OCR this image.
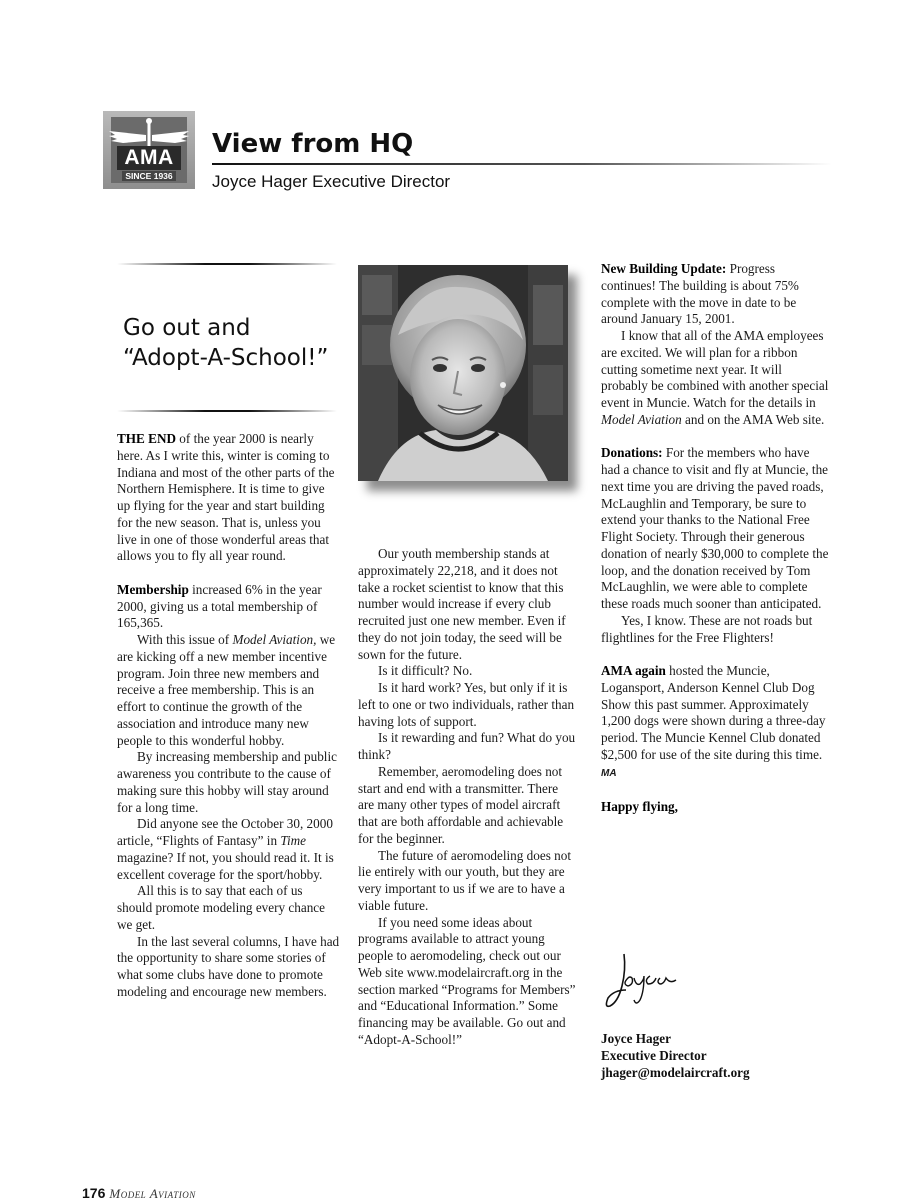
AMA
SINCE 1936
View from HQ
Joyce Hager Executive Director
Go out and
“Adopt-A-School!”

THE END of the year 2000 is nearly here. As I write this, winter is coming to Indiana and most of the other parts of the Northern Hemisphere. It is time to give up flying for the year and start building for the new season. That is, unless you live in one of those wonderful areas that allows you to fly all year round.

Membership increased 6% in the year 2000, giving us a total membership of 165,365.

With this issue of Model Aviation, we are kicking off a new member incentive program. Join three new members and receive a free membership. This is an effort to continue the growth of the association and introduce many new people to this wonderful hobby.

By increasing membership and public awareness you contribute to the cause of making sure this hobby will stay around for a long time.

Did anyone see the October 30, 2000 article, “Flights of Fantasy” in Time magazine? If not, you should read it. It is excellent coverage for the sport/hobby.

All this is to say that each of us should promote modeling every chance we get.

In the last several columns, I have had the opportunity to share some stories of what some clubs have done to promote modeling and encourage new members.

Our youth membership stands at approximately 22,218, and it does not take a rocket scientist to know that this number would increase if every club recruited just one new member. Even if they do not join today, the seed will be sown for the future.

Is it difficult? No.

Is it hard work? Yes, but only if it is left to one or two individuals, rather than having lots of support.

Is it rewarding and fun? What do you think?

Remember, aeromodeling does not start and end with a transmitter. There are many other types of model aircraft that are both affordable and achievable for the beginner.

The future of aeromodeling does not lie entirely with our youth, but they are very important to us if we are to have a viable future.

If you need some ideas about programs available to attract young people to aeromodeling, check out our Web site www.modelaircraft.org in the section marked “Programs for Members” and “Educational Information.” Some financing may be available. Go out and “Adopt-A-School!”

New Building Update: Progress continues! The building is about 75% complete with the move in date to be around January 15, 2001.

I know that all of the AMA employees are excited. We will plan for a ribbon cutting sometime next year. It will probably be combined with another special event in Muncie. Watch for the details in Model Aviation and on the AMA Web site.

Donations: For the members who have had a chance to visit and fly at Muncie, the next time you are driving the paved roads, McLaughlin and Temporary, be sure to extend your thanks to the National Free Flight Society. Through their generous donation of nearly $30,000 to complete the loop, and the donation received by Tom McLaughlin, we were able to complete these roads much sooner than anticipated.

Yes, I know. These are not roads but flightlines for the Free Flighters!

AMA again hosted the Muncie, Logansport, Anderson Kennel Club Dog Show this past summer. Approximately 1,200 dogs were shown during a three-day period. The Muncie Kennel Club donated $2,500 for use of the site during this time. MA

Happy flying,

Joyce Hager
Executive Director
jhager@modelaircraft.org
176 Model Aviation
